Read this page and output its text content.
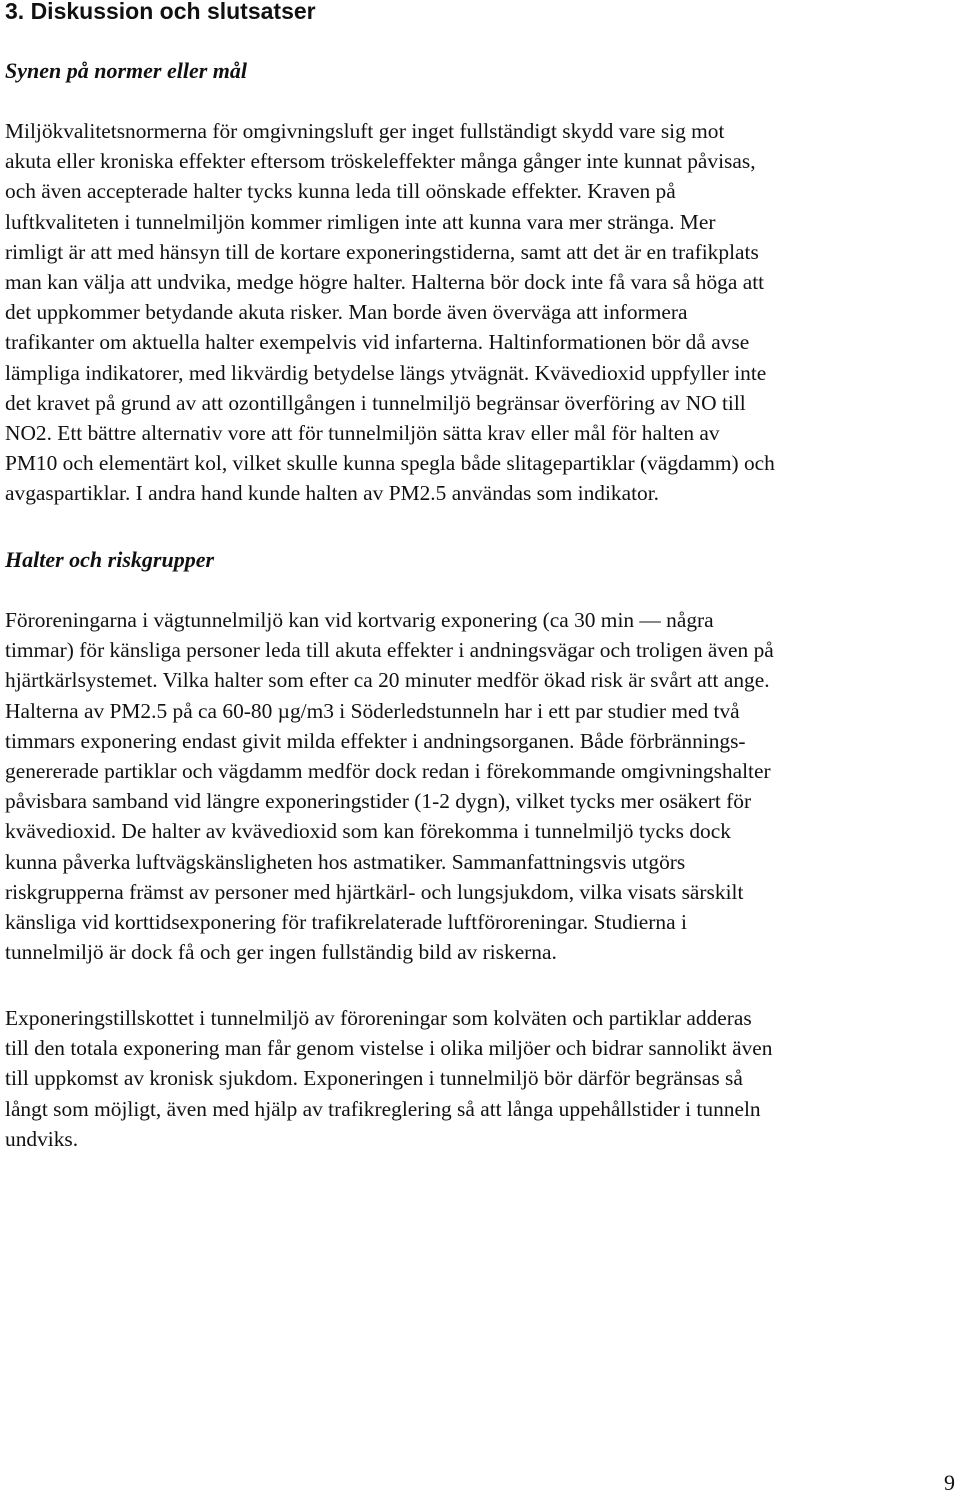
3. Diskussion och slutsatser
Synen på normer eller mål

Miljökvalitetsnormerna för omgivningsluft ger inget fullständigt skydd vare sig mot
akuta eller kroniska effekter eftersom tröskeleffekter många gånger inte kunnat påvisas,
och även accepterade halter tycks kunna leda till oönskade effekter. Kraven på
luftkvaliteten i tunnelmiljön kommer rimligen inte att kunna vara mer stränga. Mer
rimligt är att med hänsyn till de kortare exponeringstiderna, samt att det är en trafikplats
man kan välja att undvika, medge högre halter. Halterna bör dock inte få vara så höga att
det uppkommer betydande akuta risker. Man borde även överväga att informera
trafikanter om aktuella halter exempelvis vid infarterna. Haltinformationen bör då avse
lämpliga indikatorer, med likvärdig betydelse längs ytvägnät. Kvävedioxid uppfyller inte
det kravet på grund av att ozontillgången i tunnelmiljö begränsar överföring av NO till
NO2. Ett bättre alternativ vore att för tunnelmiljön sätta krav eller mål för halten av
PM10 och elementärt kol, vilket skulle kunna spegla både slitagepartiklar (vägdamm) och
avgaspartiklar. I andra hand kunde halten av PM2.5 användas som indikator.

Halter och riskgrupper

Föroreningarna i vägtunnelmiljö kan vid kortvarig exponering (ca 30 min — några
timmar) för känsliga personer leda till akuta effekter i andningsvägar och troligen även på
hjärtkärlsystemet. Vilka halter som efter ca 20 minuter medför ökad risk är svårt att ange.
Halterna av PM2.5 på ca 60-80 µg/m3 i Söderledstunneln har i ett par studier med två
timmars exponering endast givit milda effekter i andningsorganen. Både förbrännings-
genererade partiklar och vägdamm medför dock redan i förekommande omgivningshalter
påvisbara samband vid längre exponeringstider (1-2 dygn), vilket tycks mer osäkert för
kvävedioxid. De halter av kvävedioxid som kan förekomma i tunnelmiljö tycks dock
kunna påverka luftvägskänsligheten hos astmatiker. Sammanfattningsvis utgörs
riskgrupperna främst av personer med hjärtkärl- och lungsjukdom, vilka visats särskilt
känsliga vid korttidsexponering för trafikrelaterade luftföroreningar. Studierna i
tunnelmiljö är dock få och ger ingen fullständig bild av riskerna.

Exponeringstillskottet i tunnelmiljö av föroreningar som kolväten och partiklar adderas
till den totala exponering man får genom vistelse i olika miljöer och bidrar sannolikt även
till uppkomst av kronisk sjukdom. Exponeringen i tunnelmiljö bör därför begränsas så
långt som möjligt, även med hjälp av trafikreglering så att långa uppehållstider i tunneln
undviks.

9
